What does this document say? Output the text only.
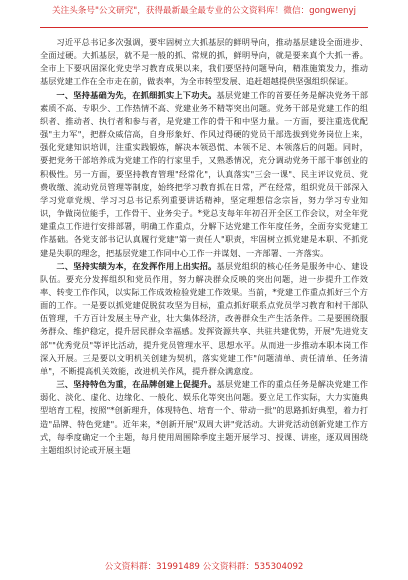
关注头条号"公文研究"，获得最新最全最专业的公文资料库！微信：gongwenyj

习近平总书记多次强调，要牢固树立大抓基层的鲜明导向，推动基层建设全面进步、全面过硬。大抓基层，就不是一般的抓、常规的抓，鲜明导向，就是要来真个大抓一番。全市上下要巩固深化党史学习教育成果以来，我们要坚持问题导向，精准施策发力，推动基层党建工作在全市走在前，做表率，为全市转型发展、追赶超越提供坚强组织保证。

一、坚持基础为先，在抓细抓实上下功夫。基层党建工作的首要任务是解决党务干部素质不高、专职少、工作热情不高、党建业务不精等突出问题。党务干部是党建工作的组织者、推动者、执行者和参与者，是党建工作的骨干和中坚力量。一方面，要注重选优配强"主力军"，把群众威信高，自身形象好、作风过得硬的党员干部选拔到党务岗位上来，强化党建知识培训，注重实践锻炼，解决本领恐慌、本领不足、本领落后的问题。同时，要把党务干部培养成为党建工作的行家里手，又熟悉情况，充分调动党务干部干事创业的积极性。另一方面，要坚持教育管理"经常化"，认真落实"三会一课"、民主评议党员、党费收缴、流动党员管理等制度，始终把学习教育抓在日常，严在经常，组织党员干部深入学习党章党规、学习习总书记系列重要讲话精神，坚定理想信念宗旨，努力学习专业知识，争做岗位能手，工作骨干、业务尖子。*党总支每年年初召开全区工作会议，对全年党建重点工作进行安排部署，明确工作重点，分解下达党建工作年度任务，全面夯实党建工作基础。各党支部书记认真履行党建"第一责任人"职责，牢固树立抓党建是本职、不抓党建是失职的理念，把基层党建工作同中心工作一并谋划、一齐部署、一齐落实。

二、坚持实绩为本，在发挥作用上出实招。基层党组织的核心任务是服务中心、建设队伍。要充分发挥组织和党员作用，努力解决群众反映的突出问题，进一步提升工作效率、转变工作作风，以实际工作成效检验党建工作效果。当前，*党建工作重点抓好三个方面的工作。一是要以抓党建促脱贫攻坚为目标，重点抓好联系点党员学习教育和村干部队伍管理，千方百计发展主导产业，壮大集体经济，改善群众生产生活条件。二是要围绕服务群众、维护稳定，提升居民群众幸福感。发挥资源共享、共驻共建优势，开展"先进党支部""优秀党员"等评比活动，提升党员管理水平、思想水平。从而进一步推动本职本岗工作深入开展。三是要以文明机关创建为契机，落实党建工作"问题清单、责任清单、任务清单"，不断提高机关效能，改进机关作风，提升群众满意度。

三、坚持特色为重，在品牌创建上促提升。基层党建工作的重点任务是解决党建工作弱化、淡化、虚化、边缘化、一般化、娱乐化等突出问题。要立足工作实际，大力实施典型培育工程，按照"*创新理升，体现特色、培育一个、带动一批"的思路抓好典型，着力打造"品牌、特色党建"。近年来，*创新开展"双周大讲"党活动。大讲党活动创新党建工作方式，每季度确定一个主题，每月使用周围除季度主题开展学习、授课、讲座，逐双周围绕主题组织讨论或开展主题

公文资料群：31991489 公文资料群：535304092
